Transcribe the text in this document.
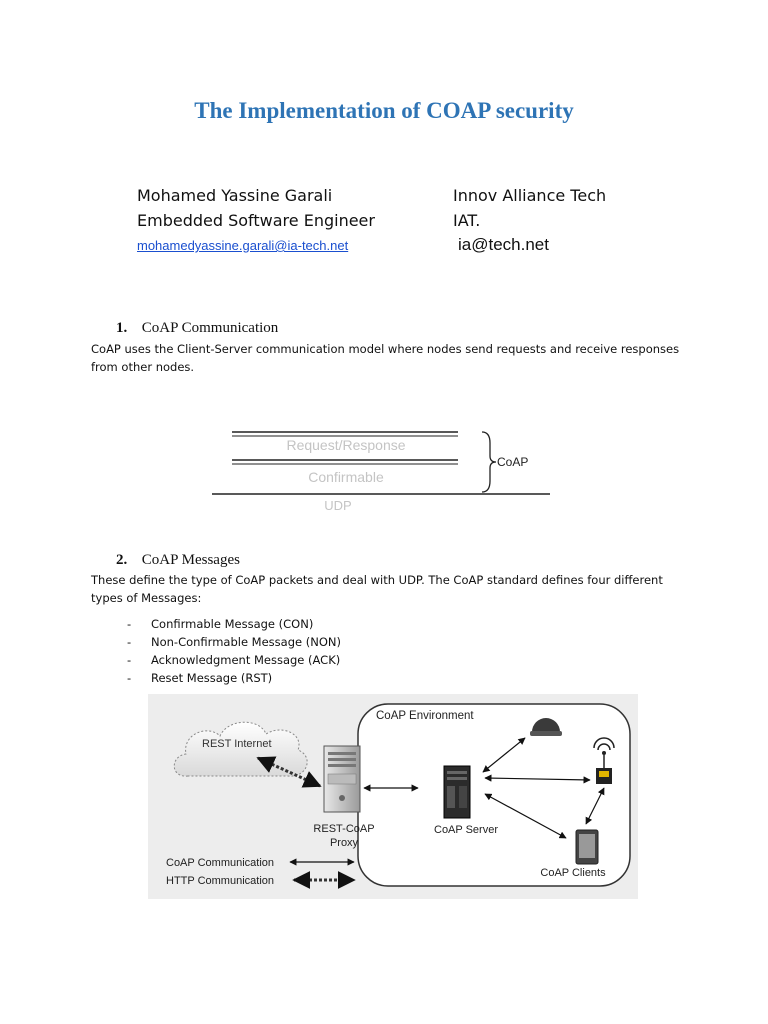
The Implementation of COAP security
Mohamed Yassine Garali
Embedded Software Engineer
mohamedyassine.garali@ia-tech.net
Innov Alliance Tech
IAT.
ia@tech.net
1. CoAP Communication
CoAP uses the Client-Server communication model where nodes send requests and receive responses from other nodes.
Request/Response
Confirmable
UDP
CoAP
2. CoAP Messages
These define the type of CoAP packets and deal with UDP. The CoAP standard defines four different types of Messages:
- Confirmable Message (CON)
- Non-Confirmable Message (NON)
- Acknowledgment Message (ACK)
- Reset Message (RST)
CoAP Environment
REST Internet
REST-CoAP
Proxy
CoAP Server
CoAP Clients
CoAP Communication
HTTP Communication
